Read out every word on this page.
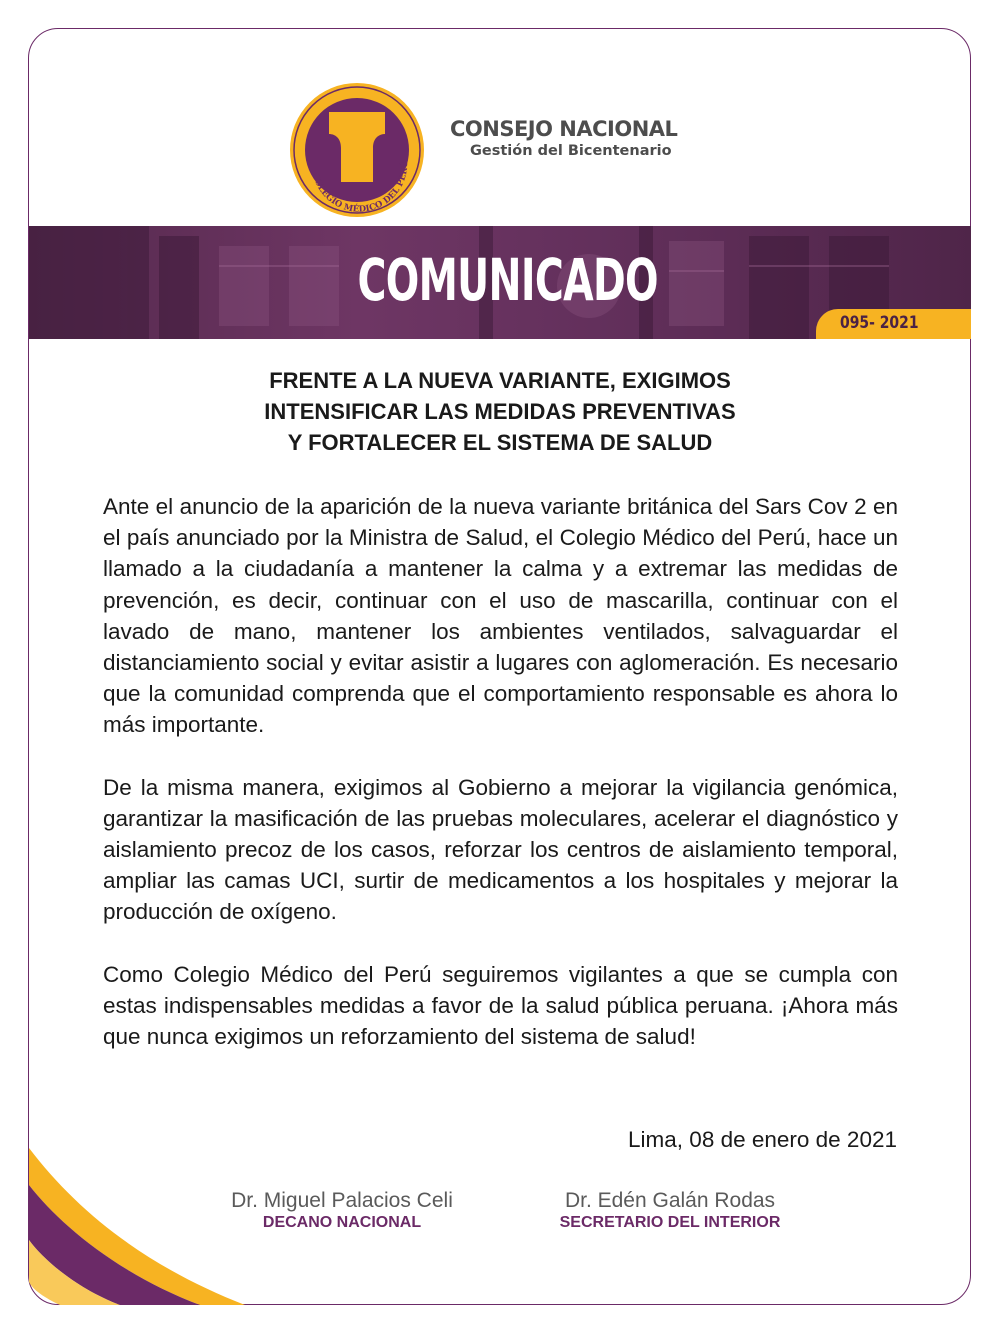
COLEGIO MÉDICO DEL PERÚ
CONSEJO NACIONAL
Gestión del Bicentenario
COMUNICADO
095- 2021
FRENTE A LA NUEVA VARIANTE, EXIGIMOS
INTENSIFICAR LAS MEDIDAS PREVENTIVAS
Y FORTALECER EL SISTEMA DE SALUD

Ante el anuncio de la aparición de la nueva variante británica del Sars Cov 2 en el país anunciado por la Ministra de Salud, el Colegio Médico del Perú, hace un llamado a la ciudadanía a mantener la calma y a extremar las medidas de prevención, es decir, continuar con el uso de mascarilla, continuar con el lavado de mano, mantener los ambientes ventilados, salvaguardar el distanciamiento social y evitar asistir a lugares con aglomeración. Es necesario que la comunidad comprenda que el comportamiento responsable es ahora lo más importante.

De la misma manera, exigimos al Gobierno a mejorar la vigilancia genómica, garantizar la masificación de las pruebas moleculares, acelerar el diagnóstico y aislamiento precoz de los casos, reforzar los centros de aislamiento temporal, ampliar las camas UCI, surtir de medicamentos a los hospitales y mejorar la producción de oxígeno.

Como Colegio Médico del Perú seguiremos vigilantes a que se cumpla con estas indispensables medidas a favor de la salud pública peruana. ¡Ahora más que nunca exigimos un reforzamiento del sistema de salud!

Lima, 08 de enero de 2021
Dr. Miguel Palacios Celi
DECANO NACIONAL
Dr. Edén Galán Rodas
SECRETARIO DEL INTERIOR
